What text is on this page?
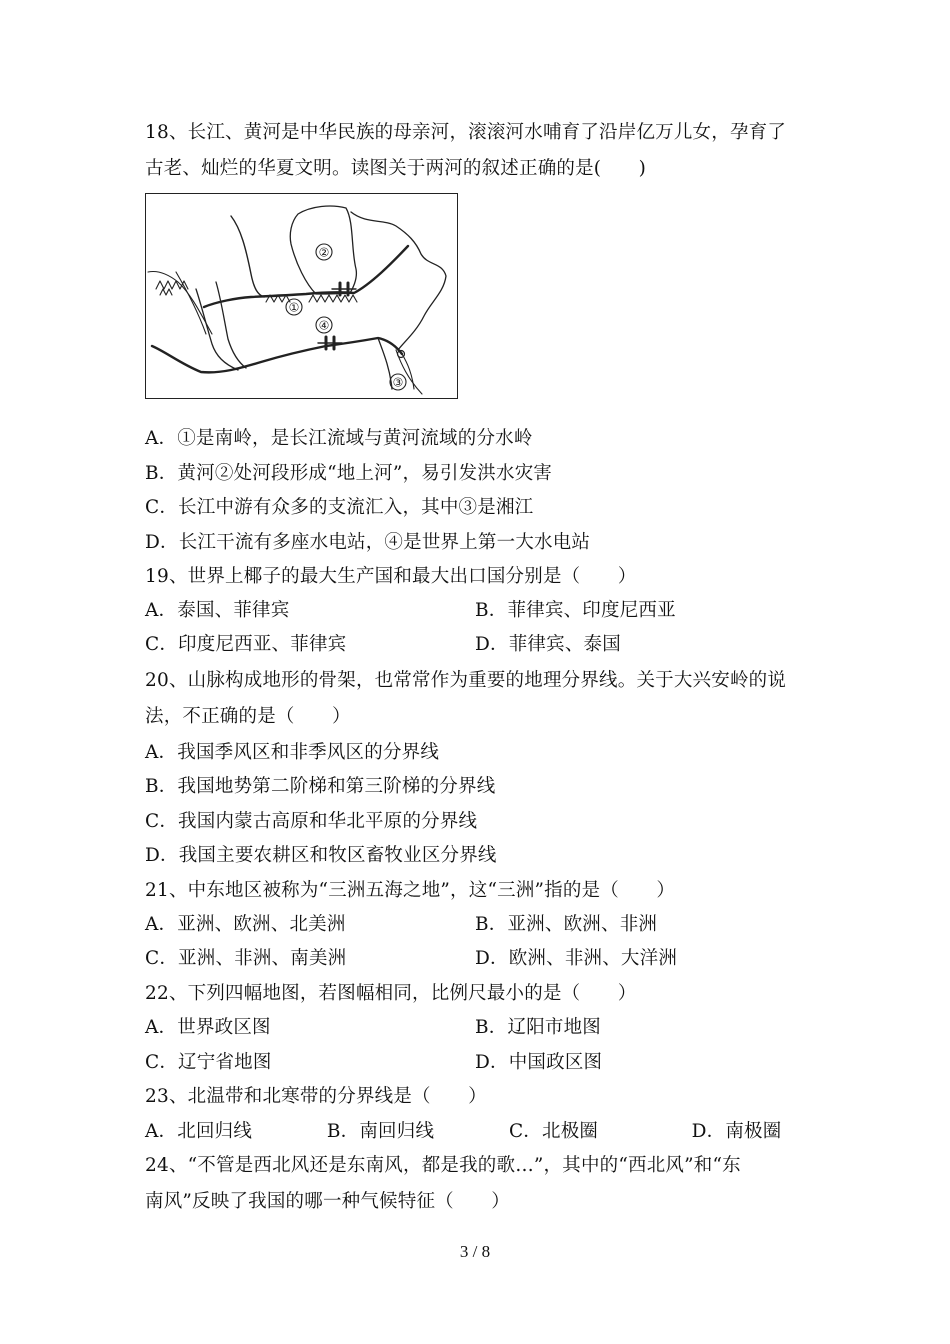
18、长江、黄河是中华民族的母亲河，滚滚河水哺育了沿岸亿万儿女，孕育了
古老、灿烂的华夏文明。读图关于两河的叙述正确的是(　　)
②
①
④
③
A．①是南岭，是长江流域与黄河流域的分水岭
B．黄河②处河段形成“地上河”，易引发洪水灾害
C．长江中游有众多的支流汇入，其中③是湘江
D．长江干流有多座水电站，④是世界上第一大水电站
19、世界上椰子的最大生产国和最大出口国分别是（　　）
A．泰国、菲律宾	B．菲律宾、印度尼西亚
C．印度尼西亚、菲律宾	D．菲律宾、泰国
20、山脉构成地形的骨架，也常常作为重要的地理分界线。关于大兴安岭的说
法，不正确的是（　　）
A．我国季风区和非季风区的分界线
B．我国地势第二阶梯和第三阶梯的分界线
C．我国内蒙古高原和华北平原的分界线
D．我国主要农耕区和牧区畜牧业区分界线
21、中东地区被称为“三洲五海之地”，这“三洲”指的是（　　）
A．亚洲、欧洲、北美洲	B．亚洲、欧洲、非洲
C．亚洲、非洲、南美洲	D．欧洲、非洲、大洋洲
22、下列四幅地图，若图幅相同，比例尺最小的是（　　）
A．世界政区图	B．辽阳市地图
C．辽宁省地图	D．中国政区图
23、北温带和北寒带的分界线是（　　）
A．北回归线　　　　B．南回归线　　　　C．北极圈　　　　　D．南极圈
24、“不管是西北风还是东南风，都是我的歌…”，其中的“西北风”和“东
南风”反映了我国的哪一种气候特征（　　）
3 / 8
